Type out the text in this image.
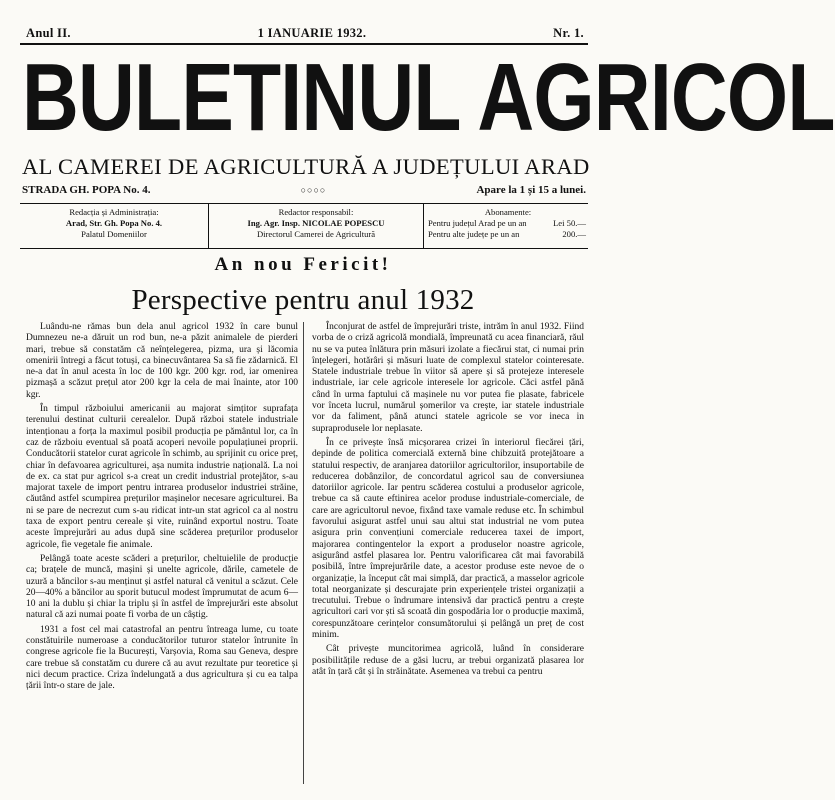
Anul II.	1 IANUARIE 1932.	Nr. 1.
BULETINUL AGRICOL
AL CAMEREI DE AGRICULTURĂ A JUDEȚULUI ARAD
STRADA GH. POPA No. 4.	○○○○	Apare la 1 și 15 a lunei.
Redacția și Administrația:
Arad, Str. Gh. Popa No. 4.
Palatul Domeniilor
Redactor responsabil:
Ing. Agr. Insp. NICOLAE POPESCU
Directorul Camerei de Agricultură
Abonamente:
Pentru județul Arad pe un an	Lei 50.—
Pentru alte județe pe un an	200.—
An nou Fericit!
Perspective pentru anul 1932

Luându-ne rămas bun dela anul agricol 1932 în care bunul Dumnezeu ne-a dăruit un rod bun, ne-a păzit animalele de pierderi mari, trebue să constatăm că neînțelegerea, pizma, ura și lăcomia omenirii întregi a făcut totuși, ca binecuvântarea Sa să fie zădarnică. El ne-a dat în anul acesta în loc de 100 kgr. 200 kgr. rod, iar omenirea pizmașă a scăzut prețul ator 200 kgr la cela de mai înainte, ator 100 kgr.

În timpul războiului americanii au majorat simțitor suprafața terenului destinat culturii cerealelor. După război statele industriale intenționau a forța la maximul posibil producția pe pământul lor, ca în caz de războiu eventual să poată acoperi nevoile populațiunei proprii. Conducătorii statelor curat agricole în schimb, au sprijinit cu orice preț, chiar în defavoarea agriculturei, așa numita industrie națională. La noi de ex. ca stat pur agricol s-a creat un credit industrial protejător, s-au majorat taxele de import pentru intrarea produselor industriei străine, căutând astfel scumpirea prețurilor mașinelor necesare agriculturei. Ba ni se pare de necrezut cum s-au ridicat intr-un stat agricol ca al nostru taxa de export pentru cereale și vite, ruinând exportul nostru. Toate aceste împrejurări au adus după sine scăderea prețurilor produselor agricole, fie vegetale fie animale.

Pelângă toate aceste scăderi a prețurilor, cheltuielile de producție ca; brațele de muncă, mașini și unelte agricole, dările, cametele de uzură a băncilor s-au menținut și astfel natural că venitul a scăzut. Cele 20—40% a băncilor au sporit butucul modest împrumutat de acum 6—10 ani la dublu și chiar la triplu și în astfel de împrejurări este absolut natural că azi numai poate fi vorba de un câștig.

1931 a fost cel mai catastrofal an pentru întreaga lume, cu toate constătuirile numeroase a conducătorilor tuturor statelor întrunite în congrese agricole fie la București, Varșovia, Roma sau Geneva, despre care trebue să constatăm cu durere că au avut rezultate pur teoretice și nici decum practice. Criza îndelungată a dus agricultura și cu ea talpa țării într-o stare de jale.

Înconjurat de astfel de împrejurări triste, intrăm în anul 1932. Fiind vorba de o criză agricolă mondială, împreunată cu acea financiară, răul nu se va putea înlătura prin măsuri izolate a fiecărui stat, ci numai prin înțelegeri, hotărâri și măsuri luate de complexul statelor cointeresate. Statele industriale trebue în viitor să apere și să protejeze interesele industriale, iar cele agricole interesele lor agricole. Căci astfel pănă când în urma faptului că mașinele nu vor putea fie plasate, fabricele vor înceta lucrul, numărul șomerilor va crește, iar statele industriale vor da faliment, până atunci statele agricole se vor ineca in supraprodusele lor neplasate.

În ce privește însă micșorarea crizei în interiorul fiecărei țări, depinde de politica comercială externă bine chibzuită protejătoare a statului respectiv, de aranjarea datoriilor agricultorilor, insuportabile de reducerea dobânzilor, de concordatul agricol sau de conversiunea datoriilor agricole. Iar pentru scăderea costului a produselor agricole, trebue ca să caute eftinirea acelor produse industriale-comerciale, de care are agricultorul nevoe, fixând taxe vamale reduse etc. În schimbul favorului asigurat astfel unui sau altui stat industrial ne vom putea asigura prin convențiuni comerciale reducerea taxei de import, majorarea contingentelor la export a produselor noastre agricole, asigurând astfel plasarea lor. Pentru valorificarea cât mai favorabilă posibilă, între împrejurările date, a acestor produse este nevoe de o organizație, la început cât mai simplă, dar practică, a masselor agricole total neorganizate și descurajate prin experiențele tristei organizații a trecutului. Trebue o îndrumare intensivă dar practică pentru a crește agricultori cari vor ști să scoată din gospodăria lor o producție maximă, corespunzătoare cerințelor consumătorului și pelângă un preț de cost minim.

Cât privește muncitorimea agricolă, luând în considerare posibilitățile reduse de a găsi lucru, ar trebui organizată plasarea lor atât în țară cât și în străinătate. Asemenea va trebui ca pentru
